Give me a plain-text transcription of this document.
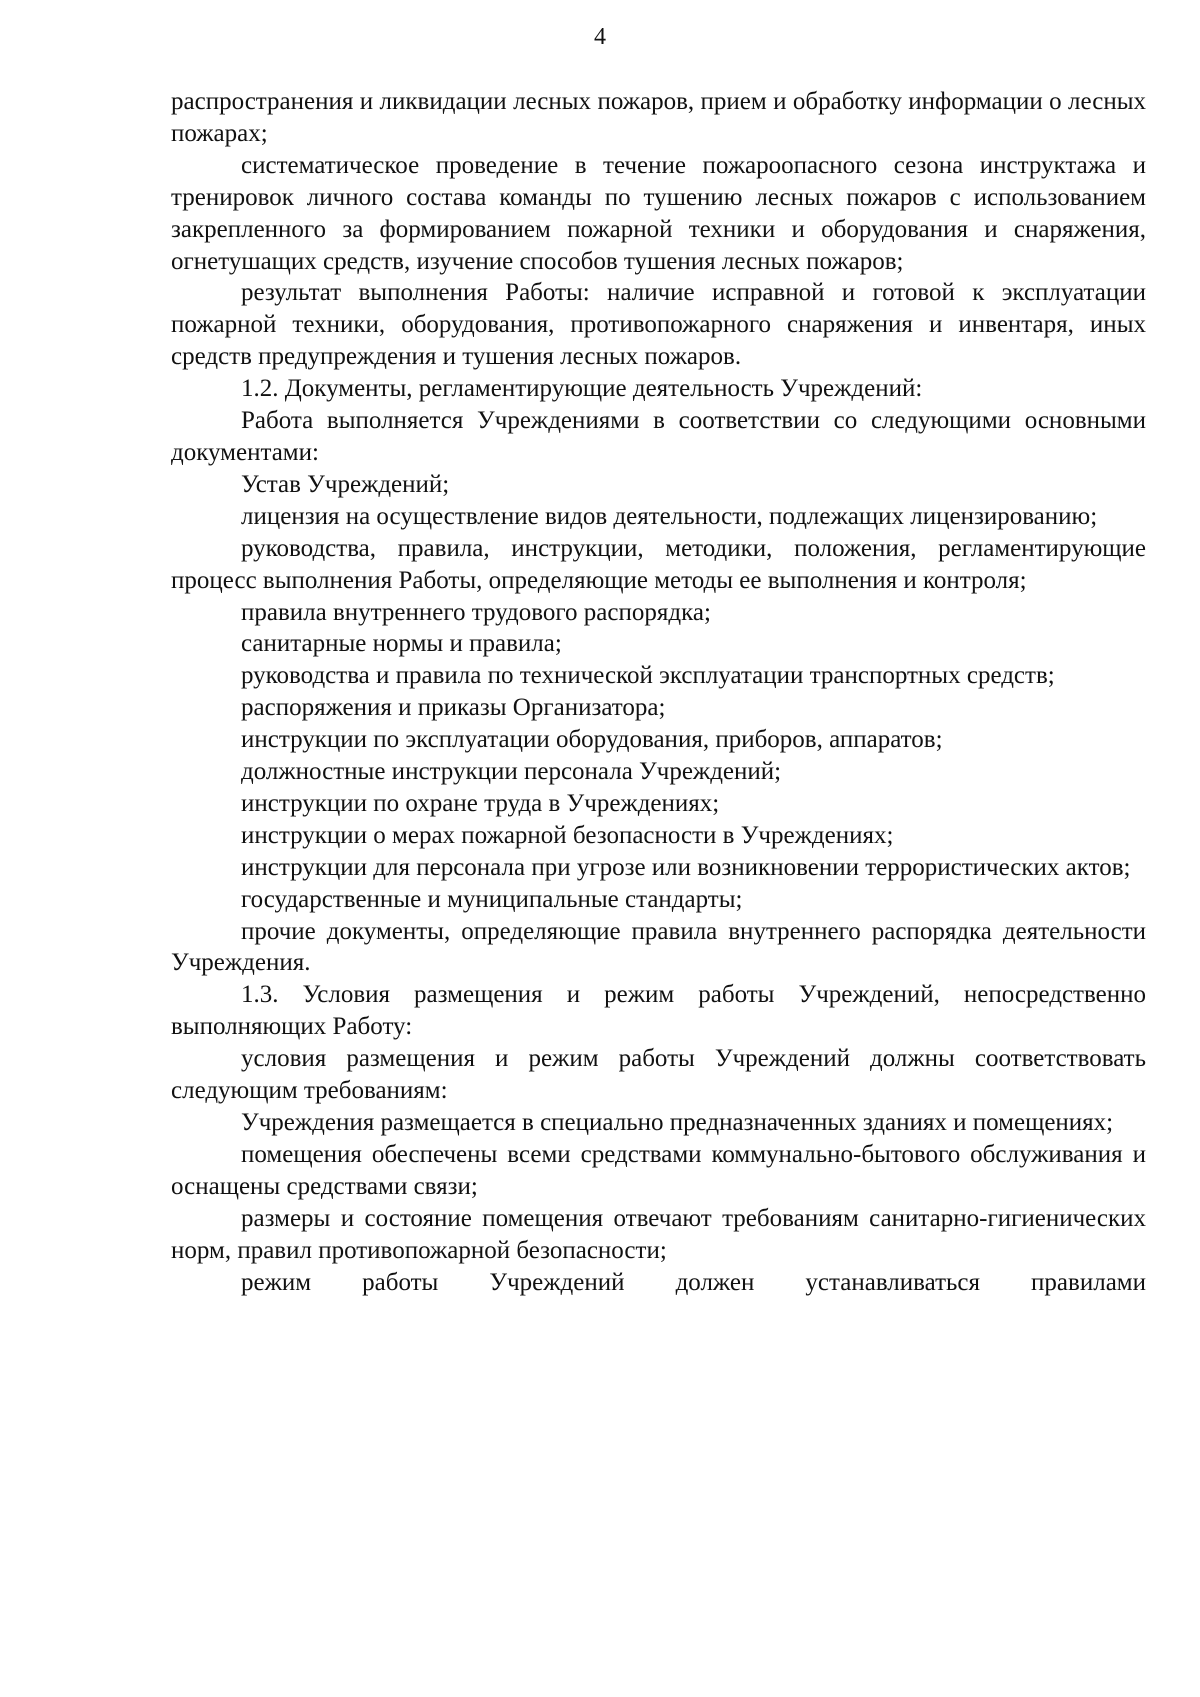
4

распространения и ликвидации лесных пожаров, прием и обработку информации о лесных пожарах;

систематическое проведение в течение пожароопасного сезона инструктажа и тренировок личного состава команды по тушению лесных пожаров с использованием закрепленного за формированием пожарной техники и оборудования и снаряжения, огнетушащих средств, изучение способов тушения лесных пожаров;

результат выполнения Работы: наличие исправной и готовой к эксплуатации пожарной техники, оборудования, противопожарного снаряжения и инвентаря, иных средств предупреждения и тушения лесных пожаров.

1.2. Документы, регламентирующие деятельность Учреждений:

Работа выполняется Учреждениями в соответствии со следующими основными документами:

Устав Учреждений;

лицензия на осуществление видов деятельности, подлежащих лицензированию;

руководства, правила, инструкции, методики, положения, регламентирующие процесс выполнения Работы, определяющие методы ее выполнения и контроля;

правила внутреннего трудового распорядка;

санитарные нормы и правила;

руководства и правила по технической эксплуатации транспортных средств;

распоряжения и приказы Организатора;

инструкции по эксплуатации оборудования, приборов, аппаратов;

должностные инструкции персонала Учреждений;

инструкции по охране труда в Учреждениях;

инструкции о мерах пожарной безопасности в Учреждениях;

инструкции для персонала при угрозе или возникновении террористических актов;

государственные и муниципальные стандарты;

прочие документы, определяющие правила внутреннего распорядка деятельности Учреждения.

1.3. Условия размещения и режим работы Учреждений, непосредственно выполняющих Работу:

условия размещения и режим работы Учреждений должны соответствовать следующим требованиям:

Учреждения размещается в специально предназначенных зданиях и помещениях;

помещения обеспечены всеми средствами коммунально-бытового обслуживания и оснащены средствами связи;

размеры и состояние помещения отвечают требованиям санитарно-гигиенических норм, правил противопожарной безопасности;

режим работы Учреждений должен устанавливаться правилами
